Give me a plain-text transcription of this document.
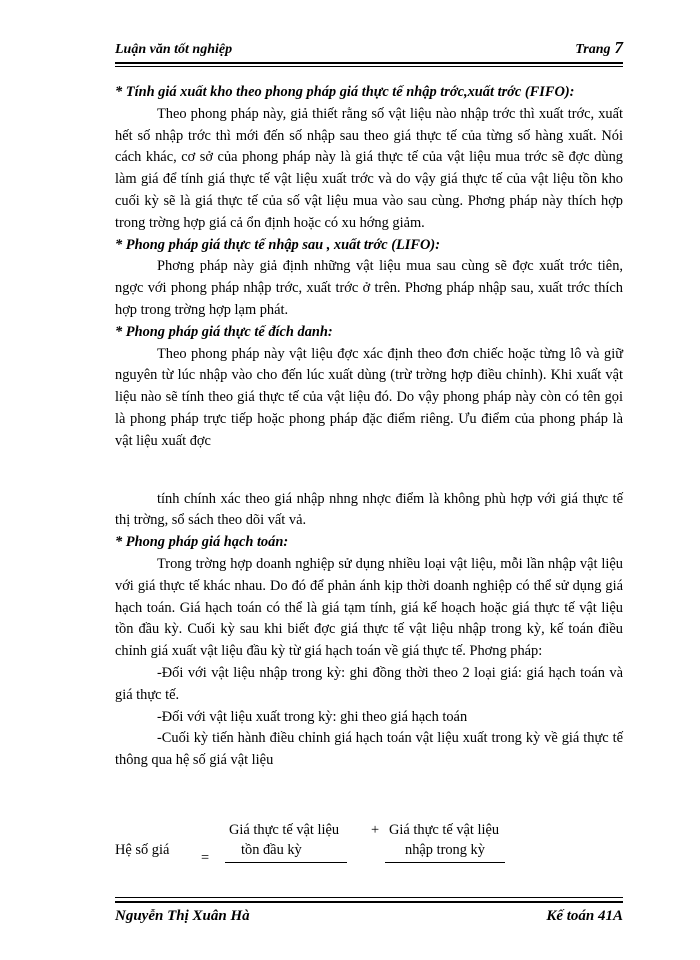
Luận văn tốt nghiệp	Trang 7

* Tính giá xuất kho theo phong pháp giá thực tế nhập trớc,xuất trớc (FIFO):

Theo phong pháp này, giả thiết rằng số vật liệu nào nhập trớc thì xuất trớc, xuất hết số nhập trớc thì mới đến số nhập sau theo giá thực tế của từng số hàng xuất. Nói cách khác, cơ sở của phong pháp này là giá thực tế của vật liệu mua trớc sẽ đợc dùng làm giá để tính giá thực tế vật liệu xuất trớc và do vậy giá thực tế của vật liệu tồn kho cuối kỳ sẽ là giá thực tế của số vật liệu mua vào sau cùng. Phơng pháp này thích hợp trong trờng hợp giá cả ổn định hoặc có xu hớng giảm.

* Phong pháp giá thực tế nhập sau , xuất trớc (LIFO):

Phơng pháp này giả định những vật liệu mua sau cùng sẽ đợc xuất trớc tiên, ngợc với phong pháp nhập trớc, xuất trớc ở trên. Phơng pháp nhập sau, xuất trớc thích hợp trong trờng hợp lạm phát.

* Phong pháp giá thực tế đích danh:

Theo phong pháp này vật liệu đợc xác định theo đơn chiếc hoặc từng lô và giữ nguyên từ lúc nhập vào cho đến lúc xuất dùng (trừ trờng hợp điều chỉnh). Khi xuất vật liệu nào sẽ tính theo giá thực tế của vật liệu đó. Do vậy phong pháp này còn có tên gọi là phong pháp trực tiếp hoặc phong pháp đặc điểm riêng. Ưu điểm của phong pháp là vật liệu xuất đợc

tính chính xác theo giá nhập nhng nhợc điểm là không phù hợp với giá thực tế thị trờng, sổ sách theo dõi vất vả.

* Phong pháp giá hạch toán:

Trong trờng hợp doanh nghiệp sử dụng nhiều loại vật liệu, mỗi lần nhập vật liệu với giá thực tế khác nhau. Do đó để phản ánh kịp thời doanh nghiệp có thể sử dụng giá hạch toán. Giá hạch toán có thể là giá tạm tính, giá kế hoạch hoặc giá thực tế vật liệu tồn đầu kỳ. Cuối kỳ sau khi biết đợc giá thực tế vật liệu nhập trong kỳ, kế toán điều chỉnh giá xuất vật liệu đầu kỳ từ giá hạch toán về giá thực tế. Phơng pháp:

-Đối với vật liệu nhập trong kỳ: ghi đồng thời theo 2 loại giá: giá hạch toán và giá thực tế.

-Đối với vật liệu xuất trong kỳ: ghi theo giá hạch toán

-Cuối kỳ tiến hành điều chỉnh giá hạch toán vật liệu xuất trong kỳ về giá thực tế thông qua hệ số giá vật liệu

Hệ số giá =
Giá thực tế vật liệu + Giá thực tế vật liệu
tồn đầu kỳ	nhập trong kỳ
Nguyễn Thị Xuân Hà	Kế toán 41A
